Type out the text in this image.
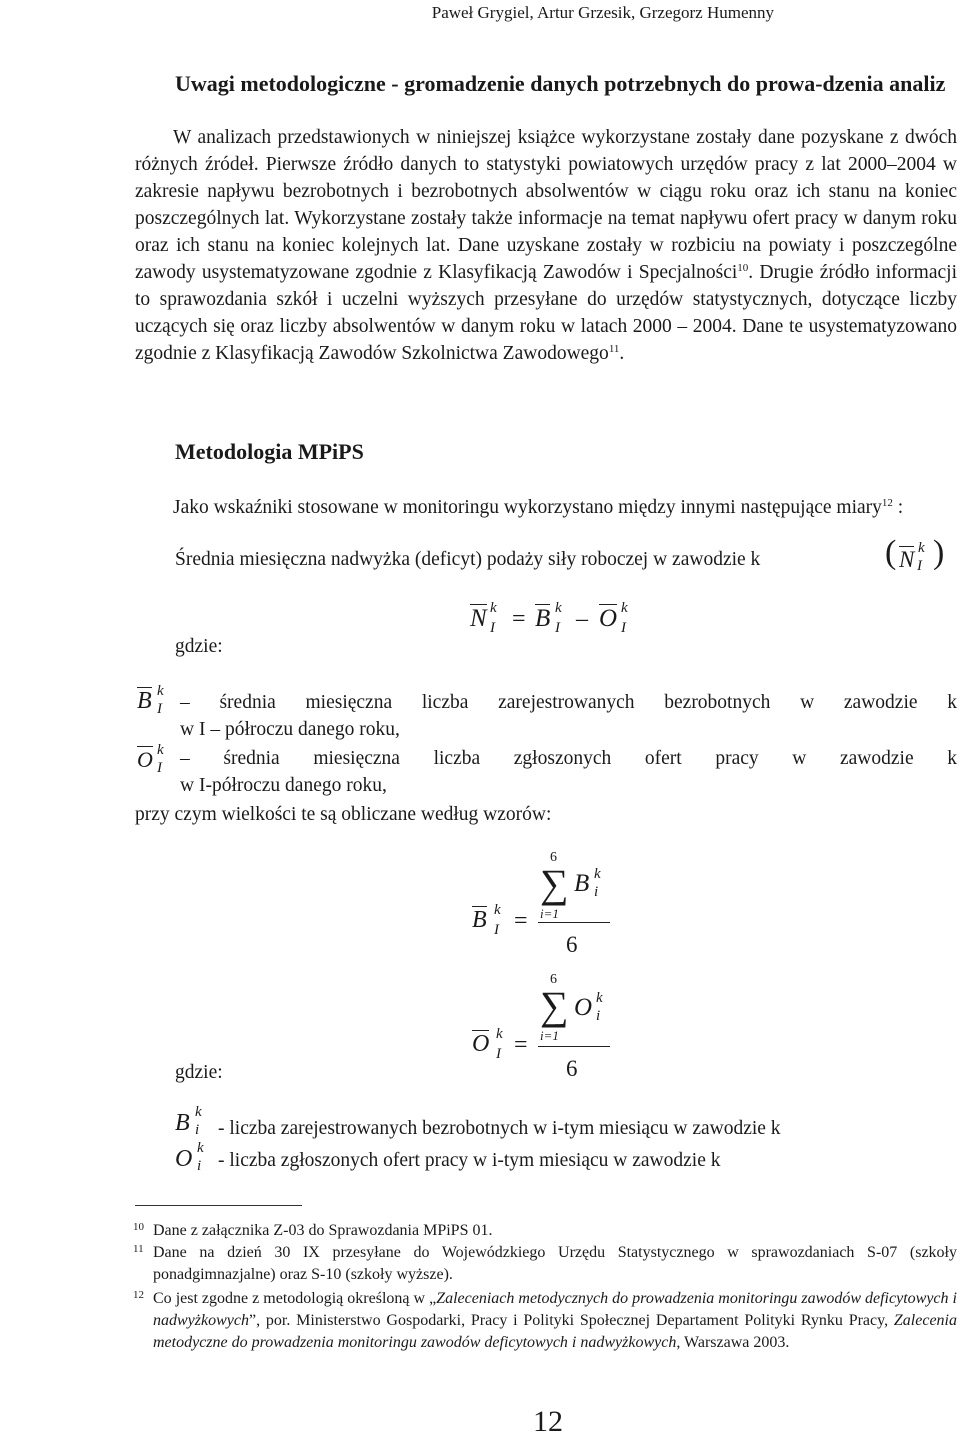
Paweł Grygiel, Artur Grzesik, Grzegorz Humenny
Uwagi metodologiczne - gromadzenie danych potrzebnych do prowa-dzenia analiz
W analizach przedstawionych w niniejszej książce wykorzystane zostały dane pozyskane z dwóch różnych źródeł. Pierwsze źródło danych to statystyki powiatowych urzędów pracy z lat 2000–2004 w zakresie napływu bezrobotnych i bezrobotnych absolwentów w ciągu roku oraz ich stanu na koniec poszczególnych lat. Wykorzystane zostały także informacje na temat napływu ofert pracy w danym roku oraz ich stanu na koniec kolejnych lat. Dane uzyskane zostały w rozbiciu na powiaty i poszczególne zawody usystematyzowane zgodnie z Klasyfikacją Zawodów i Specjalności$^{10}$. Drugie źródło informacji to sprawozdania szkół i uczelni wyższych przesyłane do urzędów statystycznych, dotyczące liczby uczących się oraz liczby absolwentów w danym roku w latach 2000 – 2004. Dane te usystematyzowano zgodnie z Klasyfikacją Zawodów Szkolnictwa Zawodowego$^{11}$.
Metodologia MPiPS
Jako wskaźniki stosowane w monitoringu wykorzystano między innymi następujące miary$^{12}$ :
Średnia miesięczna nadwyżka (deficyt) podaży siły roboczej w zawodzie k	( N k
I )
N k
I = B k
I – O k
I
gdzie:
B k
I – średnia miesięczna liczba zarejestrowanych bezrobotnych w zawodzie k
w I – półroczu danego roku,
O k
I – średnia miesięczna liczba zgłoszonych ofert pracy w zawodzie k
w I-półroczu danego roku,
przy czym wielkości te są obliczane według wzorów:
B k
I =
6
∑
i=1
B k
i
6
O k
I =
6
∑
i=1
O k
i
6
gdzie:
B k
i - liczba zarejestrowanych bezrobotnych w i-tym miesiącu w zawodzie k
O k
i - liczba zgłoszonych ofert pracy w i-tym miesiącu w zawodzie k
10 Dane z załącznika Z-03 do Sprawozdania MPiPS 01.
11 Dane na dzień 30 IX przesyłane do Wojewódzkiego Urzędu Statystycznego w sprawozdaniach S-07 (szkoły ponadgimnazjalne) oraz S-10 (szkoły wyższe).
12 Co jest zgodne z metodologią określoną w „Zaleceniach metodycznych do prowadzenia monitoringu zawodów deficytowych i nadwyżkowych”, por. Ministerstwo Gospodarki, Pracy i Polityki Społecznej Departament Polityki Rynku Pracy, Zalecenia metodyczne do prowadzenia monitoringu zawodów deficytowych i nadwyżkowych, Warszawa 2003.
12
